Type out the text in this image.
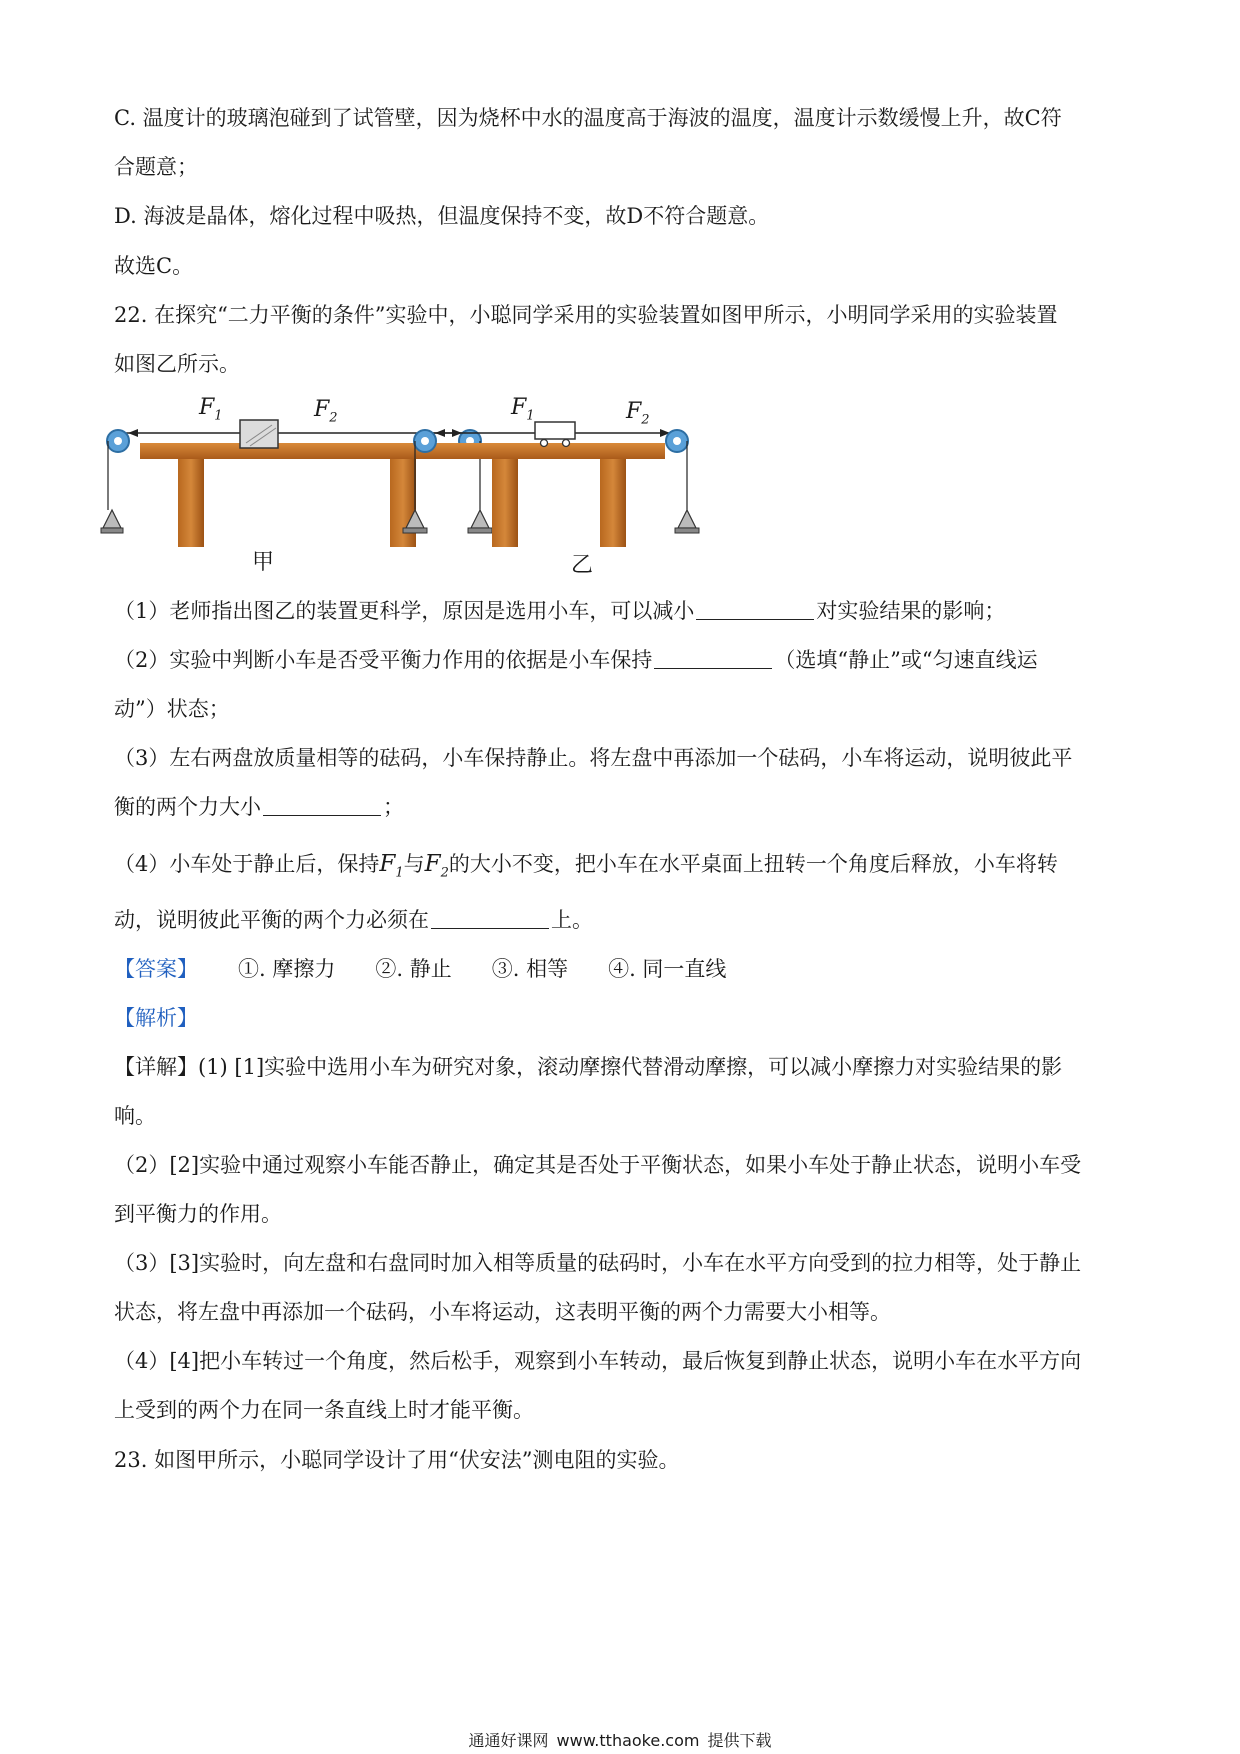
C. 温度计的玻璃泡碰到了试管壁，因为烧杯中水的温度高于海波的温度，温度计示数缓慢上升，故C符
合题意；
D. 海波是晶体，熔化过程中吸热，但温度保持不变，故D不符合题意。
故选C。
22. 在探究“二力平衡的条件”实验中，小聪同学采用的实验装置如图甲所示，小明同学采用的实验装置
如图乙所示。
$F_1$	$F_2$	$F_1$	$F_2$
甲	乙
（1）老师指出图乙的装置更科学，原因是选用小车，可以减小	对实验结果的影响；
（2）实验中判断小车是否受平衡力作用的依据是小车保持	（选填“静止”或“匀速直线运
动”）状态；
（3）左右两盘放质量相等的砝码，小车保持静止。将左盘中再添加一个砝码，小车将运动，说明彼此平
衡的两个力大小	；
（4）小车处于静止后，保持$F_1$与$F_2$的大小不变，把小车在水平桌面上扭转一个角度后释放，小车将转
动，说明彼此平衡的两个力必须在	上。
【答案】 ①. 摩擦力 ②. 静止 ③. 相等 ④. 同一直线
【解析】
【详解】(1) [1]实验中选用小车为研究对象，滚动摩擦代替滑动摩擦，可以减小摩擦力对实验结果的影
响。
（2）[2]实验中通过观察小车能否静止，确定其是否处于平衡状态，如果小车处于静止状态，说明小车受
到平衡力的作用。
（3）[3]实验时，向左盘和右盘同时加入相等质量的砝码时，小车在水平方向受到的拉力相等，处于静止
状态，将左盘中再添加一个砝码，小车将运动，这表明平衡的两个力需要大小相等。
（4）[4]把小车转过一个角度，然后松手，观察到小车转动，最后恢复到静止状态，说明小车在水平方向
上受到的两个力在同一条直线上时才能平衡。
23. 如图甲所示，小聪同学设计了用“伏安法”测电阻的实验。
通通好课网 www.tthaoke.com 提供下载
